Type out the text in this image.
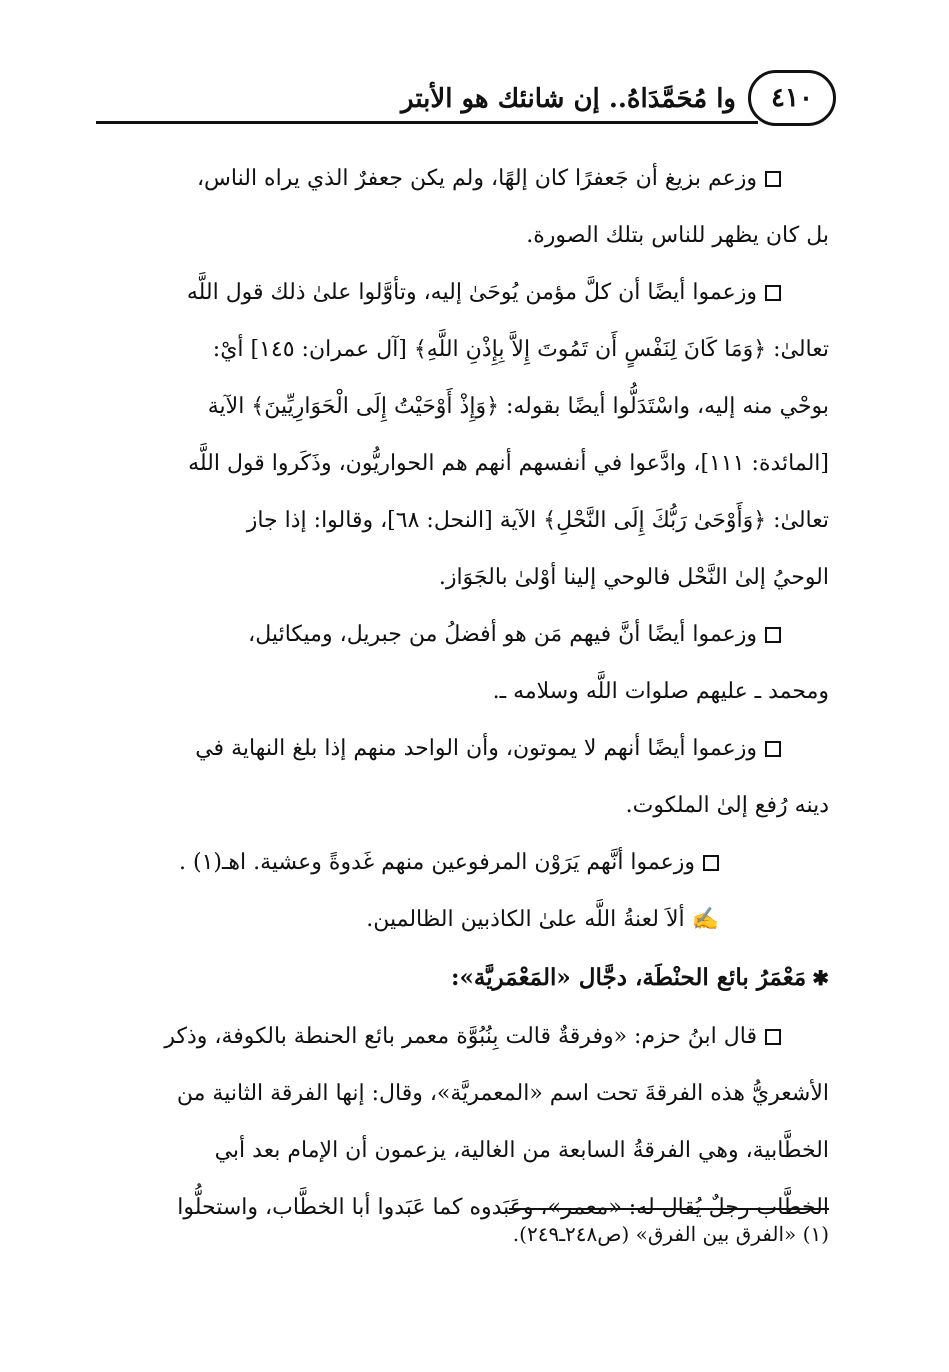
٤١٠
وا مُحَمَّدَاهُ.. إن شانئك هو الأبتر
وزعم بزيغ أن جَعفرًا كان إلهًا، ولم يكن جعفرٌ الذي يراه الناس،
بل كان يظهر للناس بتلك الصورة.
وزعموا أيضًا أن كلَّ مؤمن يُوحَىٰ إليه، وتأوَّلوا علىٰ ذلك قول اللَّه
تعالىٰ: ﴿وَمَا كَانَ لِنَفْسٍ أَن تَمُوتَ إِلاَّ بِإِذْنِ اللَّهِ﴾ [آل عمران: ١٤٥] أيْ:
بوحْي منه إليه، واسْتَدَلُّوا أيضًا بقوله: ﴿وَإِذْ أَوْحَيْتُ إِلَى الْحَوَارِيِّينَ﴾ الآية
[المائدة: ١١١]، وادَّعوا في أنفسهم أنهم هم الحواريُّون، وذَكَروا قول اللَّه
تعالىٰ: ﴿وَأَوْحَىٰ رَبُّكَ إِلَى النَّحْلِ﴾ الآية [النحل: ٦٨]، وقالوا: إذا جاز
الوحيُ إلىٰ النَّحْل فالوحي إلينا أوْلىٰ بالجَوَاز.
وزعموا أيضًا أنَّ فيهم مَن هو أفضلُ من جبريل، وميكائيل،
ومحمد ـ عليهم صلوات اللَّه وسلامه ـ.
وزعموا أيضًا أنهم لا يموتون، وأن الواحد منهم إذا بلغ النهاية في
دينه رُفع إلىٰ الملكوت.
وزعموا أنَّهم يَرَوْن المرفوعين منهم غَدوةً وعشية. اهـ(١) .
✍ ألاَ لعنةُ اللَّه علىٰ الكاذبين الظالمين.
✱مَعْمَرُ بائع الحنْطَة، دجَّال «المَعْمَريَّة»:
قال ابنُ حزم: «وفرقةٌ قالت بِنُبُوَّة معمر بائع الحنطة بالكوفة، وذكر
الأشعريُّ هذه الفرقةَ تحت اسم «المعمريَّة»، وقال: إنها الفرقة الثانية من
الخطَّابية، وهي الفرقةُ السابعة من الغالية، يزعمون أن الإمام بعد أبي
الخطَّاب رجلٌ يُقال له: «معمر»، وعَبَدوه كما عَبَدوا أبا الخطَّاب، واستحلُّوا
(١) «الفرق بين الفرق» (ص٢٤٨ـ٢٤٩).
